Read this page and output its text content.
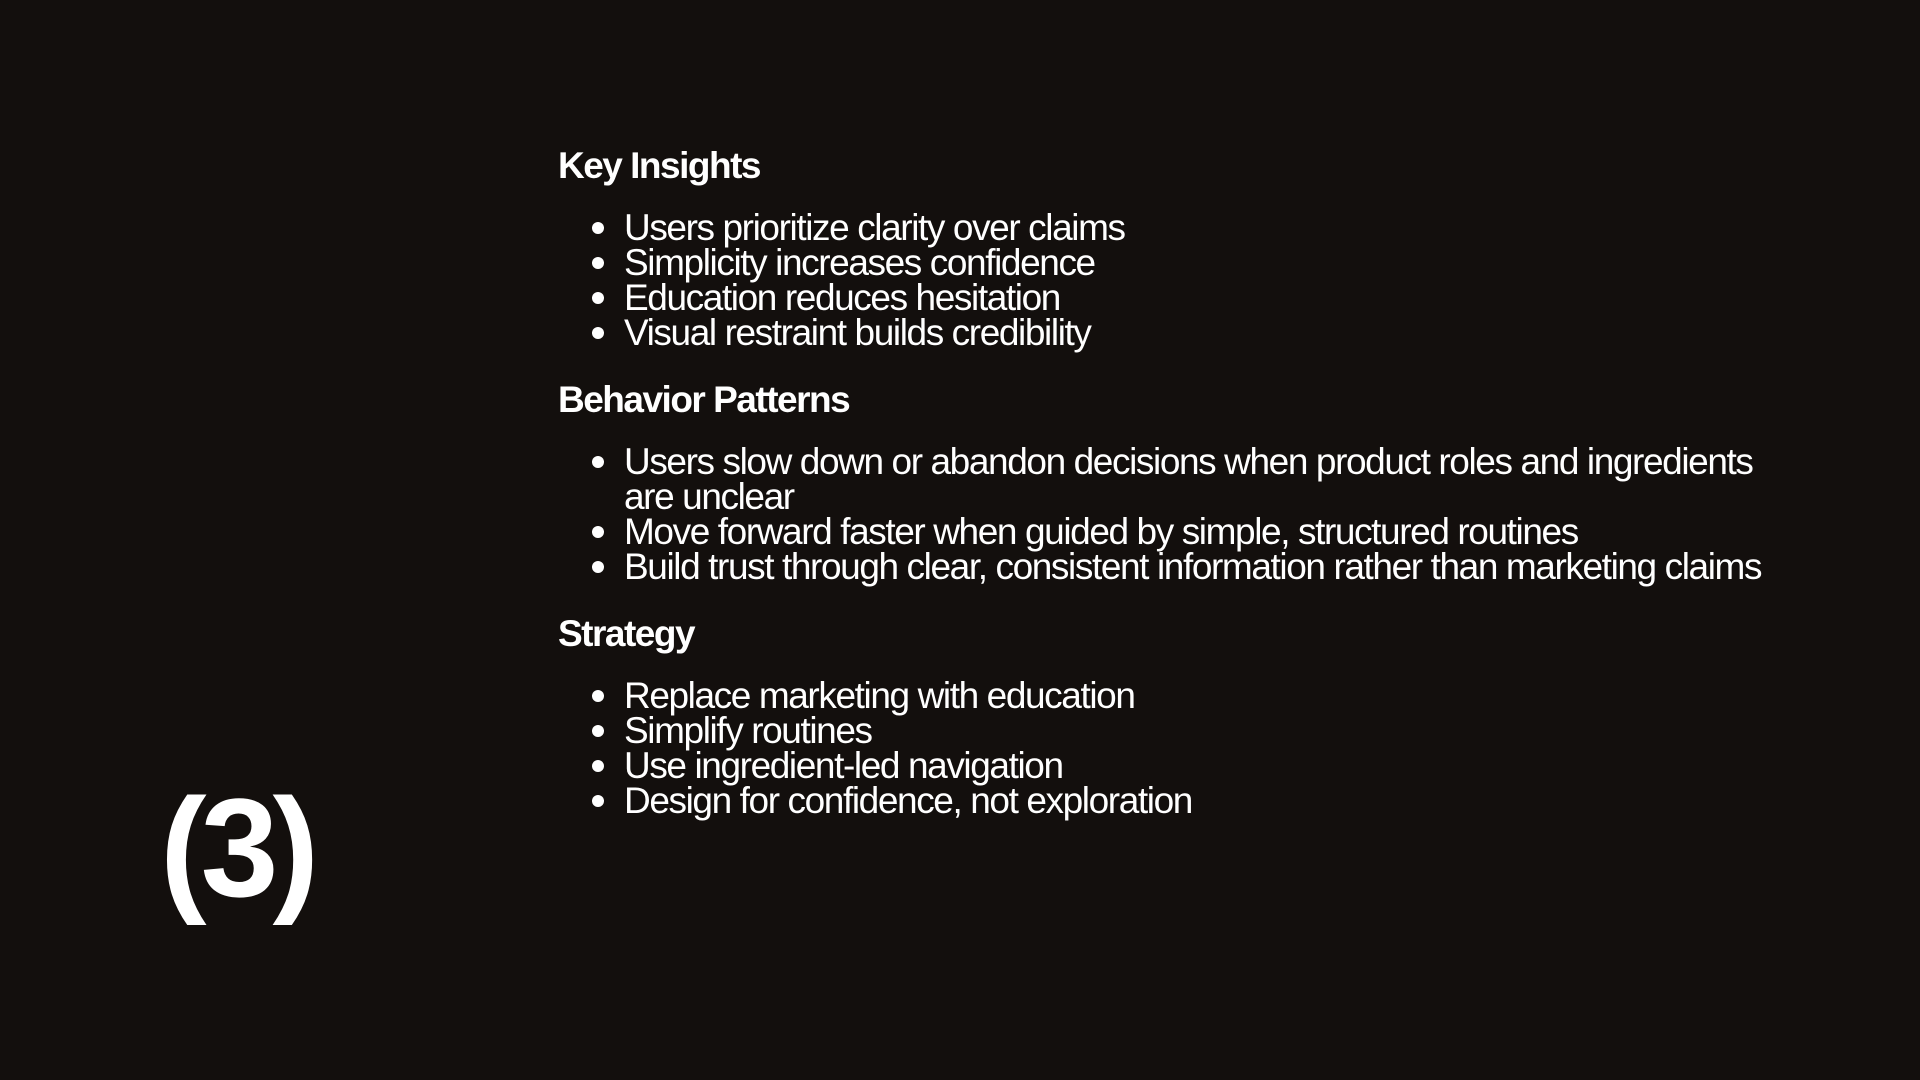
(3)
Key Insights
Users prioritize clarity over claims
Simplicity increases confidence
Education reduces hesitation
Visual restraint builds credibility
Behavior Patterns
Users slow down or abandon decisions when product roles and ingredients are unclear
Move forward faster when guided by simple, structured routines
Build trust through clear, consistent information rather than marketing claims
Strategy
Replace marketing with education
Simplify routines
Use ingredient-led navigation
Design for confidence, not exploration
